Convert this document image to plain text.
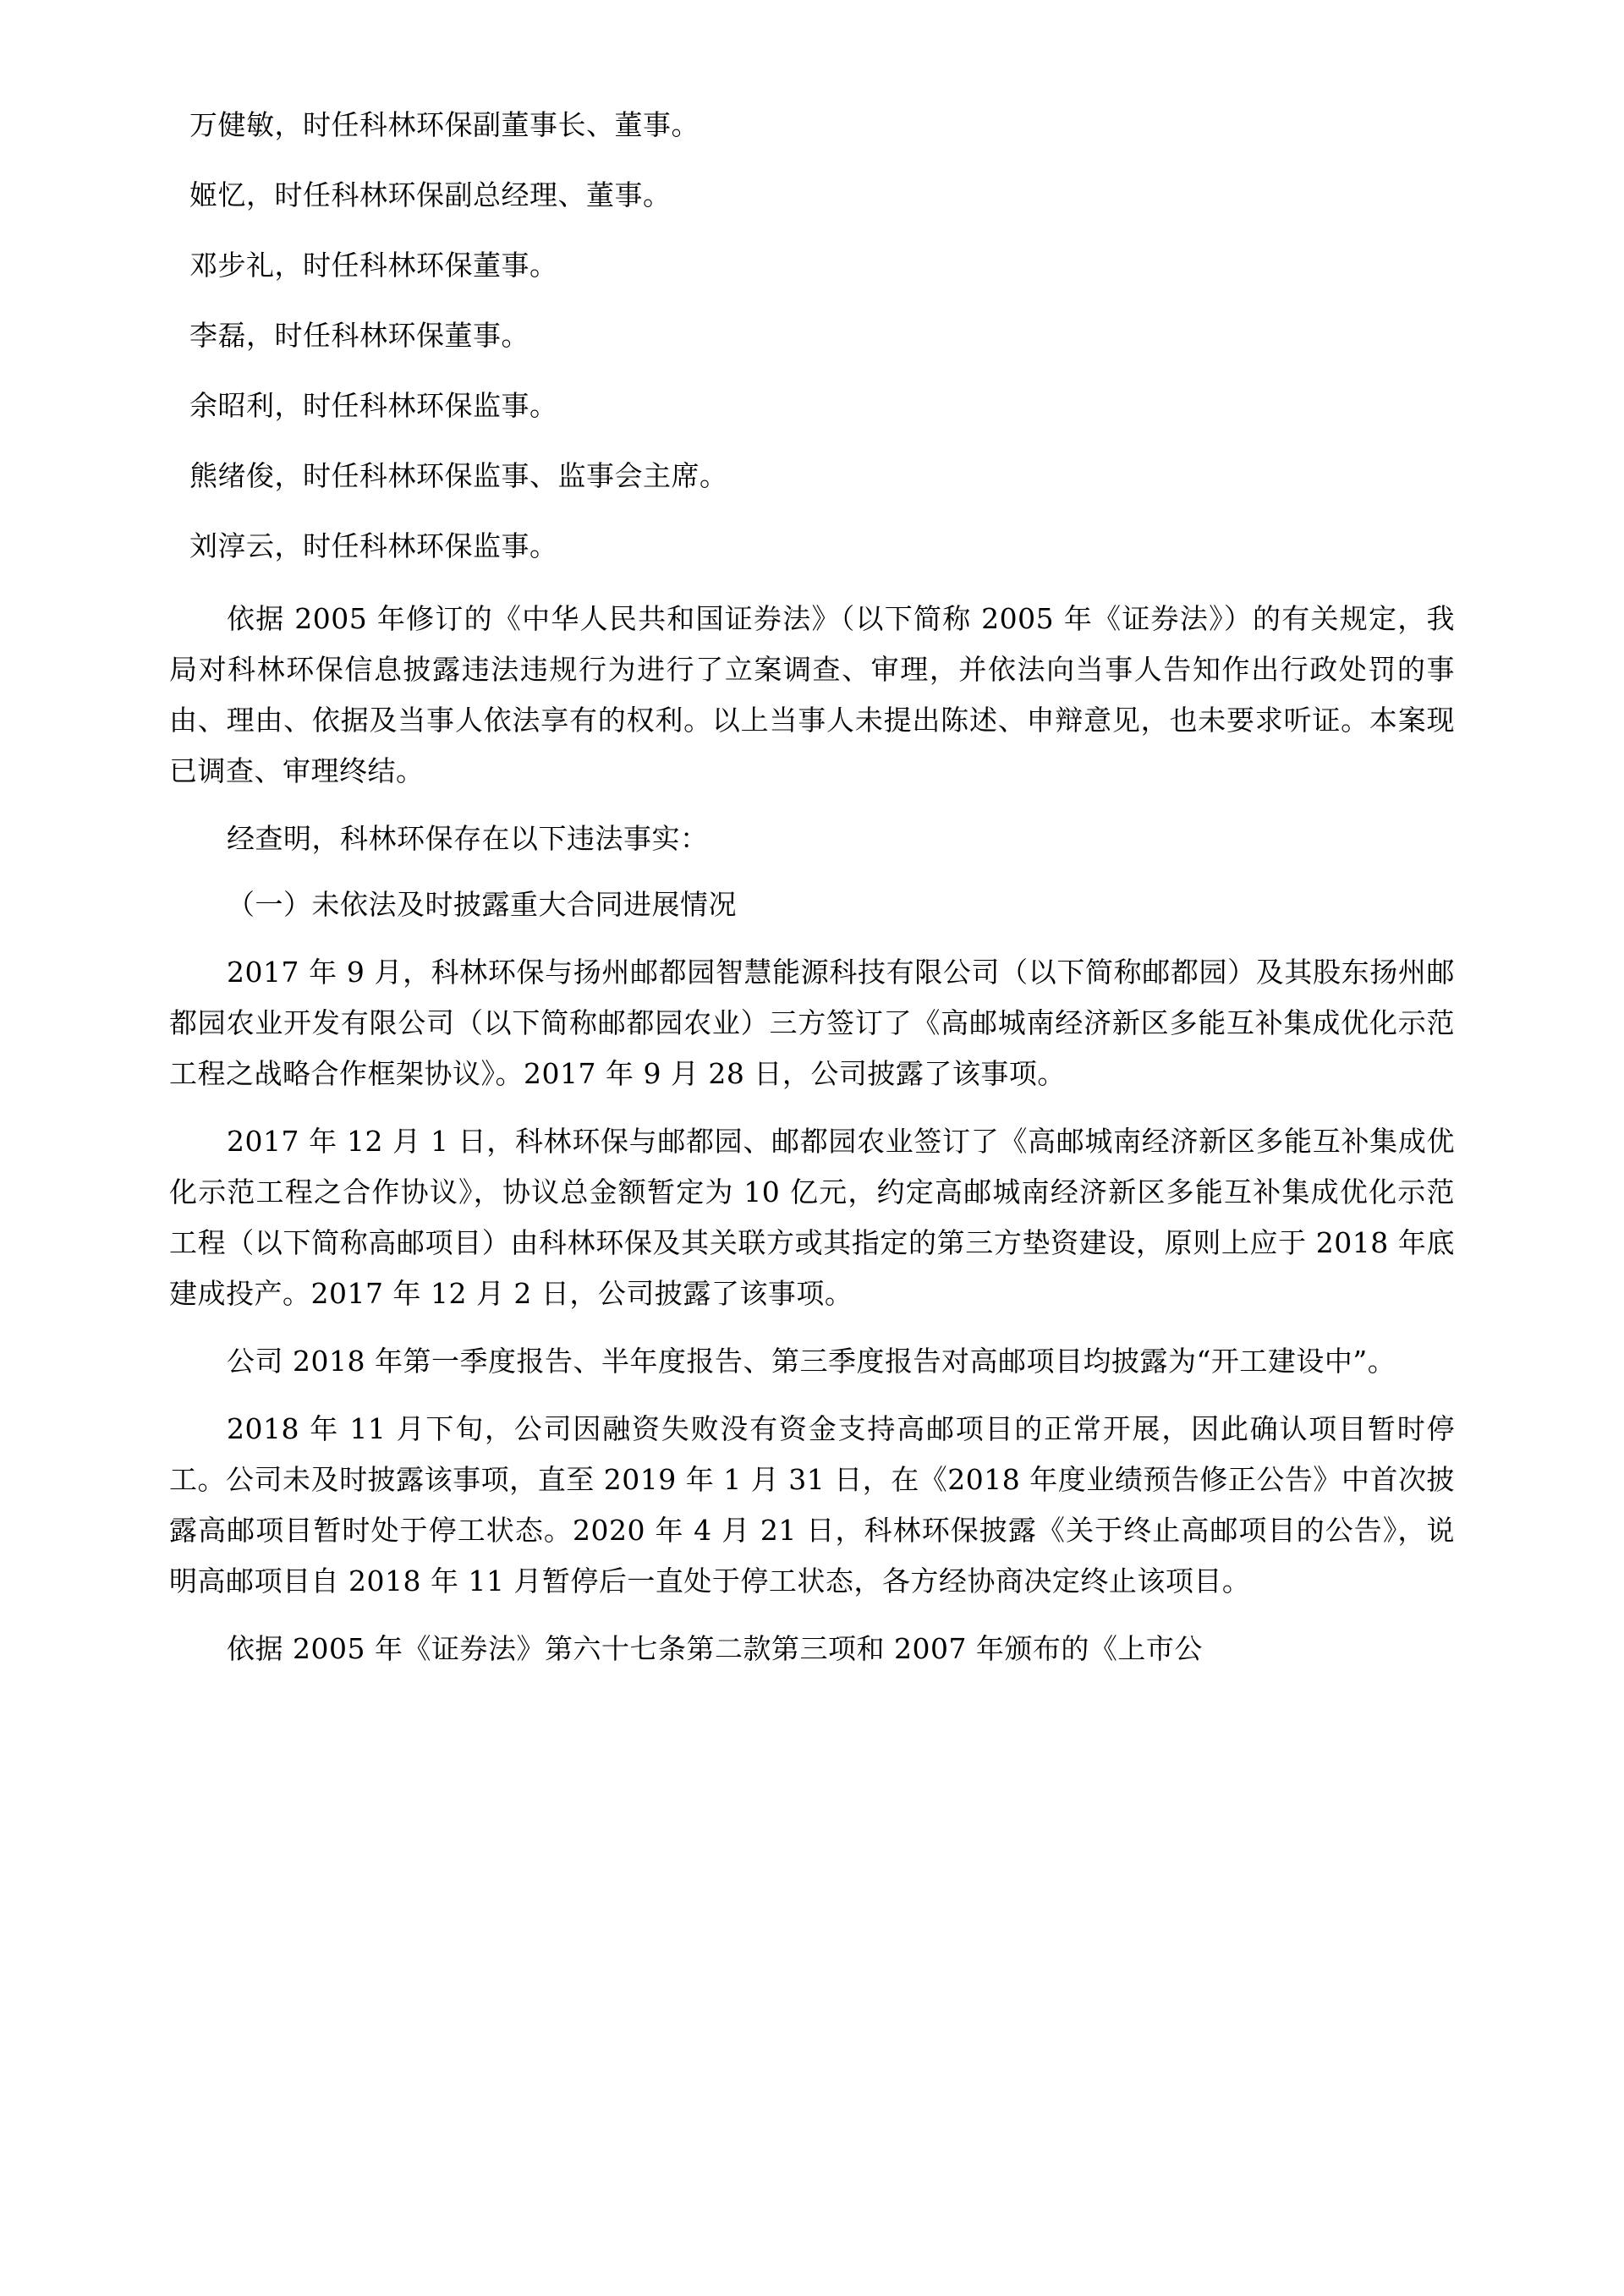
万健敏，时任科林环保副董事长、董事。

姬忆，时任科林环保副总经理、董事。

邓步礼，时任科林环保董事。

李磊，时任科林环保董事。

余昭利，时任科林环保监事。

熊绪俊，时任科林环保监事、监事会主席。

刘淳云，时任科林环保监事。

依据 2005 年修订的《中华人民共和国证券法》（以下简称 2005 年《证券法》）的有关规定，我局对科林环保信息披露违法违规行为进行了立案调查、审理，并依法向当事人告知作出行政处罚的事由、理由、依据及当事人依法享有的权利。以上当事人未提出陈述、申辩意见，也未要求听证。本案现已调查、审理终结。

经查明，科林环保存在以下违法事实：

（一）未依法及时披露重大合同进展情况

2017 年 9 月，科林环保与扬州邮都园智慧能源科技有限公司（以下简称邮都园）及其股东扬州邮都园农业开发有限公司（以下简称邮都园农业）三方签订了《高邮城南经济新区多能互补集成优化示范工程之战略合作框架协议》。2017 年 9 月 28 日，公司披露了该事项。

2017 年 12 月 1 日，科林环保与邮都园、邮都园农业签订了《高邮城南经济新区多能互补集成优化示范工程之合作协议》，协议总金额暂定为 10 亿元，约定高邮城南经济新区多能互补集成优化示范工程（以下简称高邮项目）由科林环保及其关联方或其指定的第三方垫资建设，原则上应于 2018 年底建成投产。2017 年 12 月 2 日，公司披露了该事项。

公司 2018 年第一季度报告、半年度报告、第三季度报告对高邮项目均披露为“开工建设中”。

2018 年 11 月下旬，公司因融资失败没有资金支持高邮项目的正常开展，因此确认项目暂时停工。公司未及时披露该事项，直至 2019 年 1 月 31 日，在《2018 年度业绩预告修正公告》中首次披露高邮项目暂时处于停工状态。2020 年 4 月 21 日，科林环保披露《关于终止高邮项目的公告》，说明高邮项目自 2018 年 11 月暂停后一直处于停工状态，各方经协商决定终止该项目。

依据 2005 年《证券法》第六十七条第二款第三项和 2007 年颁布的《上市公
